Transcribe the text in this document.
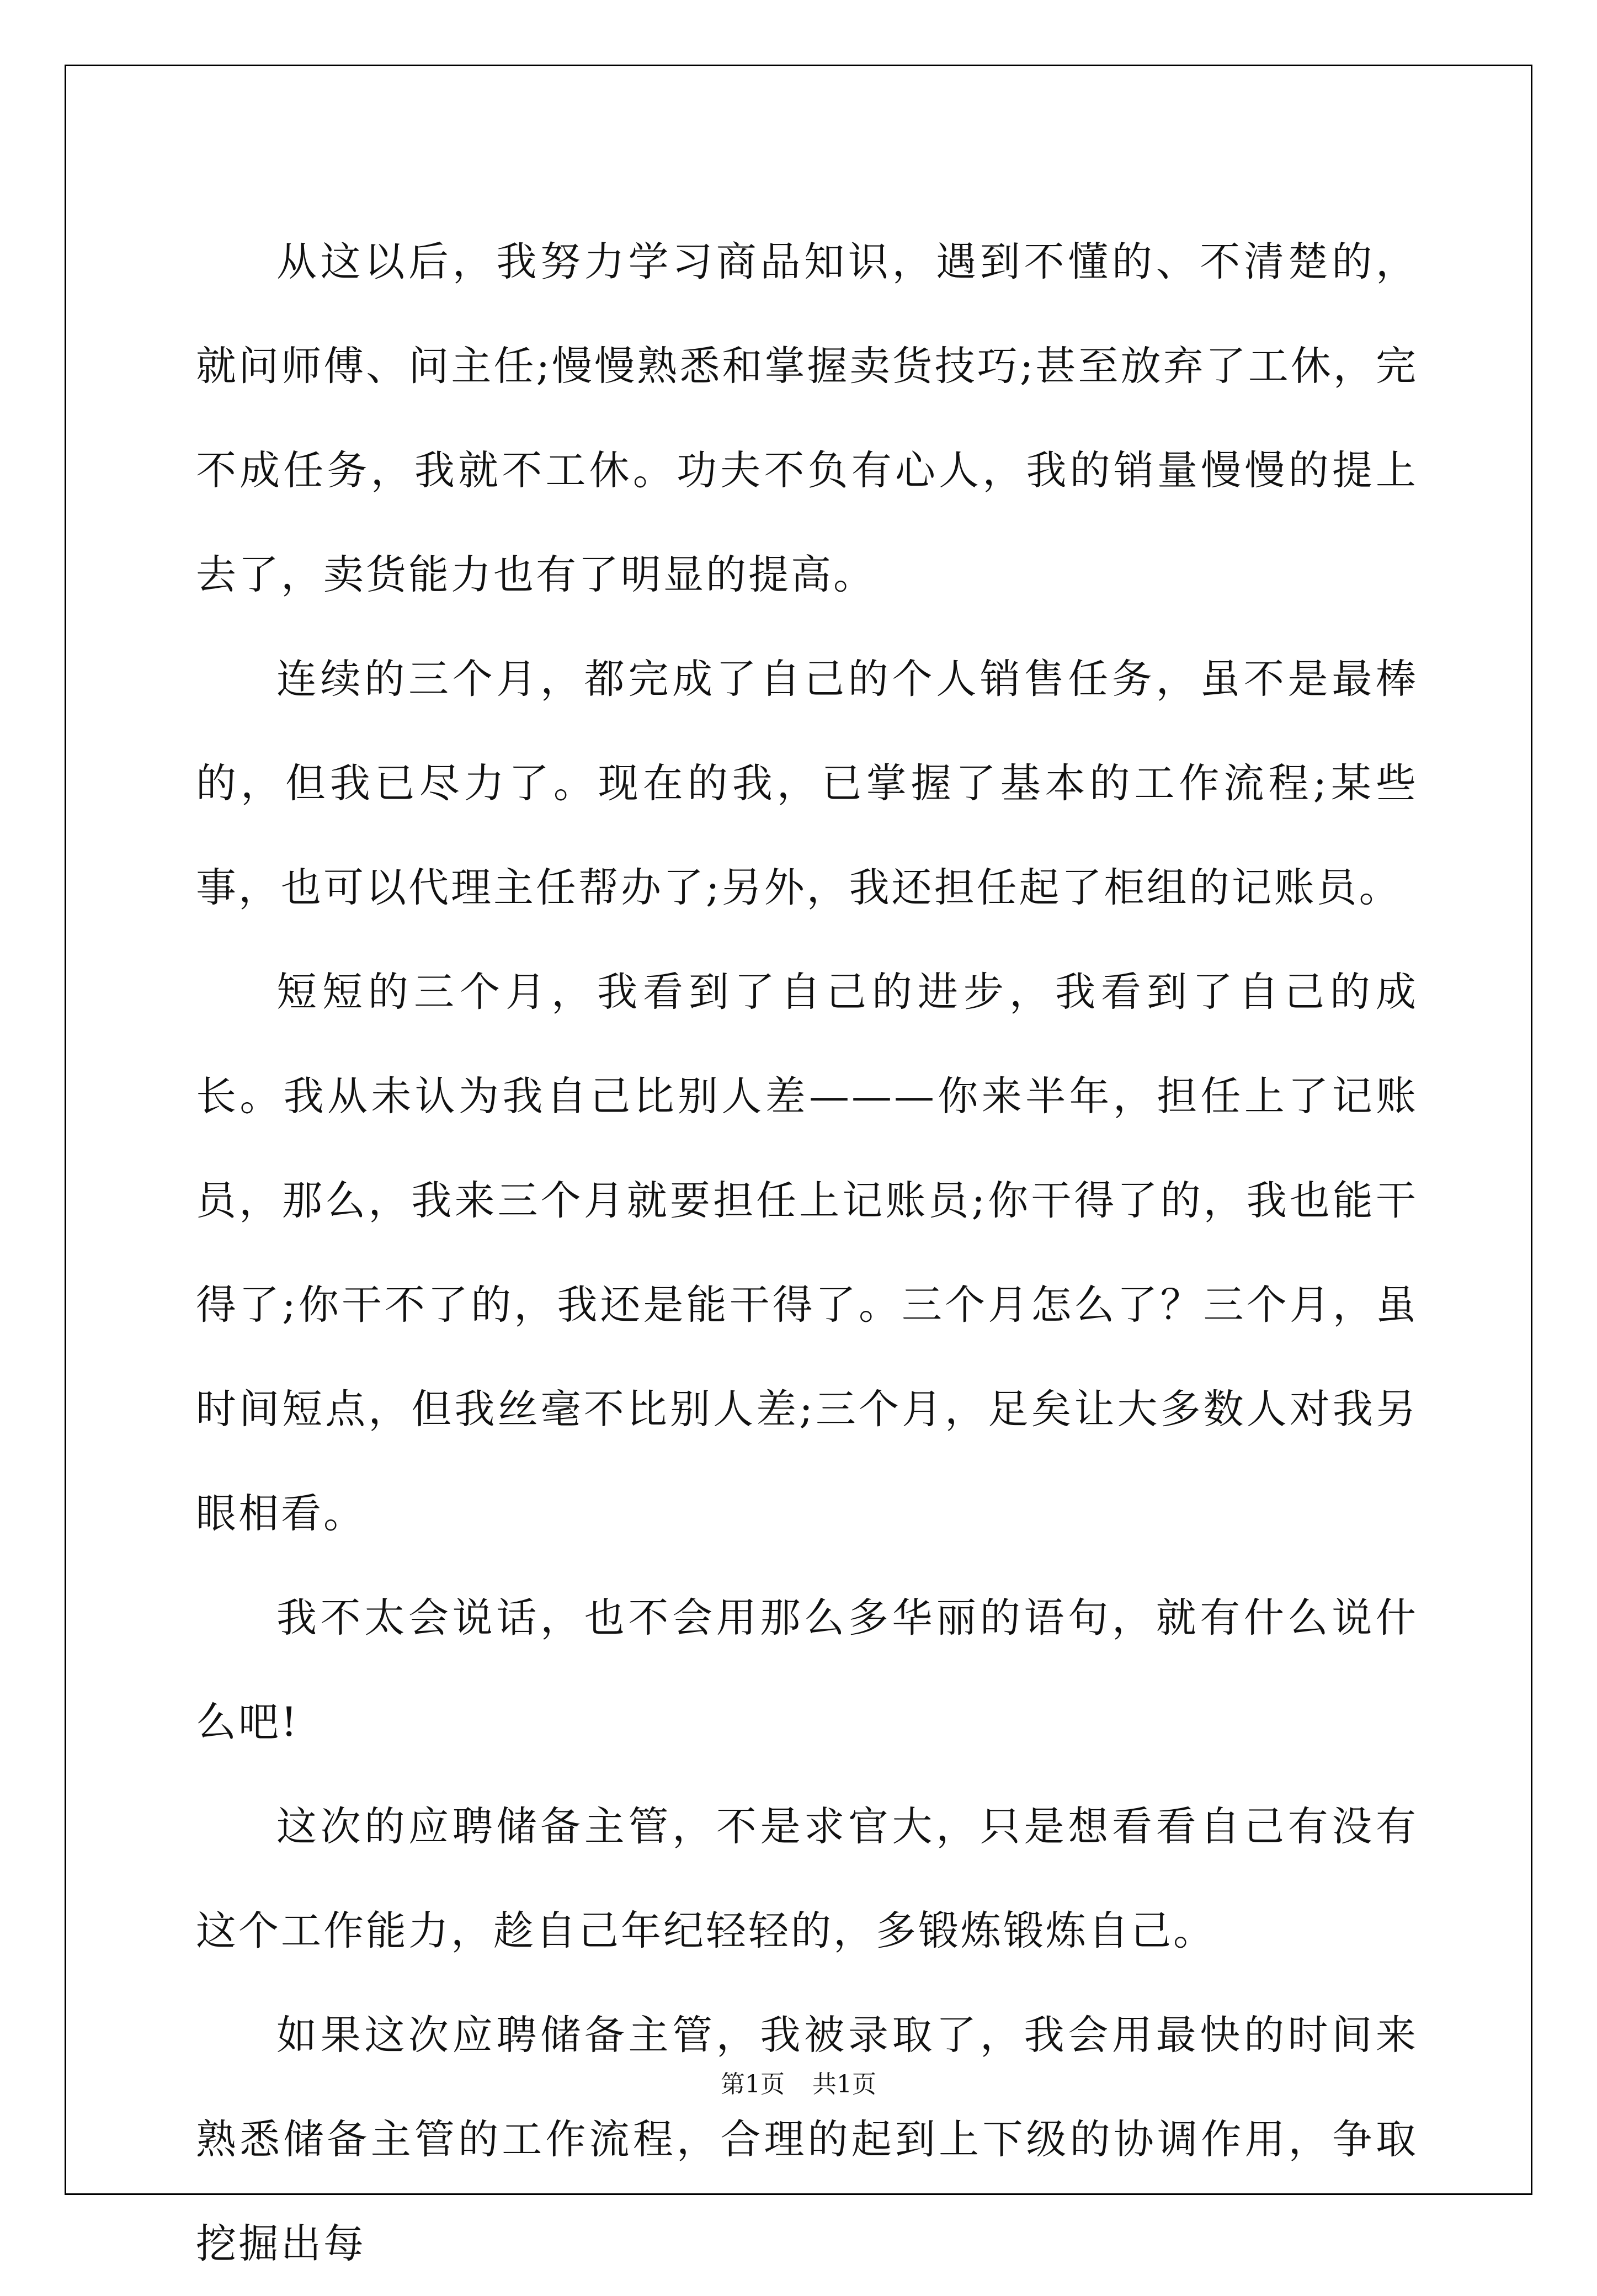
从这以后，我努力学习商品知识，遇到不懂的、不清楚的，就问师傅、问主任;慢慢熟悉和掌握卖货技巧;甚至放弃了工休，完不成任务，我就不工休。功夫不负有心人，我的销量慢慢的提上去了，卖货能力也有了明显的提高。

连续的三个月，都完成了自己的个人销售任务，虽不是最棒的，但我已尽力了。现在的我，已掌握了基本的工作流程;某些事，也可以代理主任帮办了;另外，我还担任起了柜组的记账员。

短短的三个月，我看到了自己的进步，我看到了自己的成长。我从未认为我自己比别人差———你来半年，担任上了记账员，那么，我来三个月就要担任上记账员;你干得了的，我也能干得了;你干不了的，我还是能干得了。三个月怎么了？三个月，虽时间短点，但我丝毫不比别人差;三个月，足矣让大多数人对我另眼相看。

我不太会说话，也不会用那么多华丽的语句，就有什么说什么吧!

这次的应聘储备主管，不是求官大，只是想看看自己有没有这个工作能力，趁自己年纪轻轻的，多锻炼锻炼自己。

如果这次应聘储备主管，我被录取了，我会用最快的时间来熟悉储备主管的工作流程，合理的起到上下级的协调作用，争取挖掘出每

第1页 共1页
